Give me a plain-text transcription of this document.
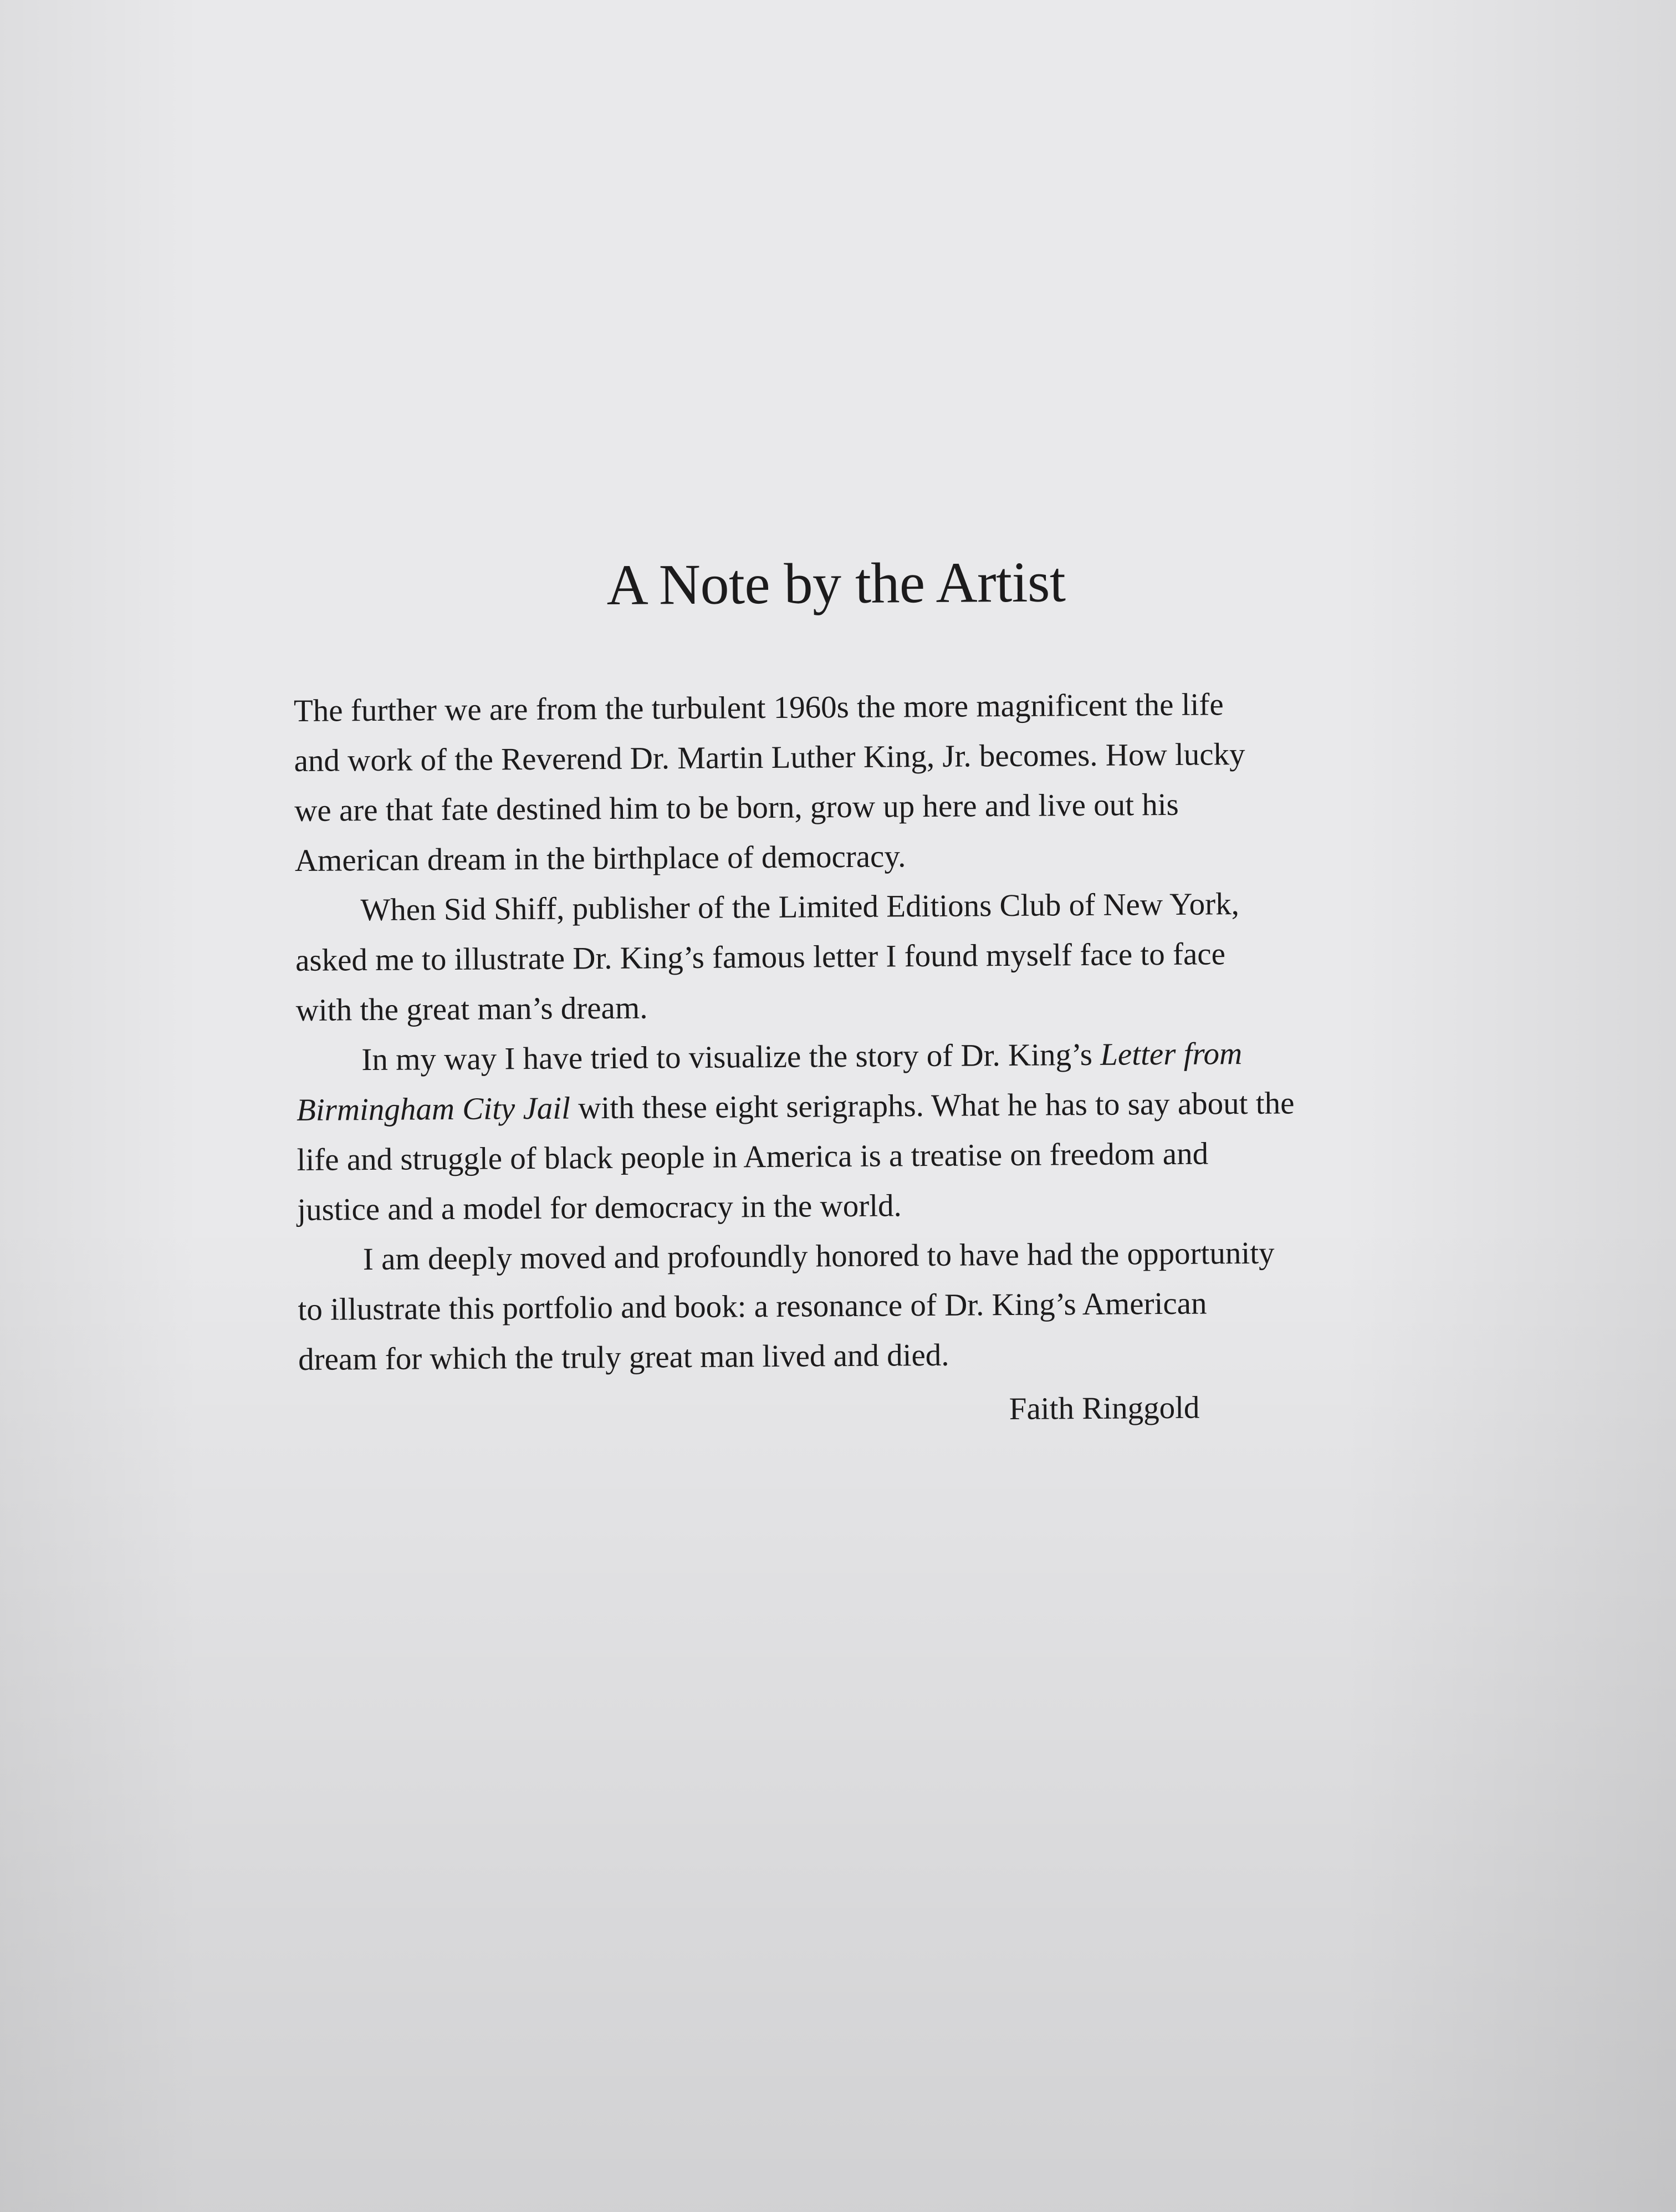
A Note by the Artist

The further we are from the turbulent 1960s the more magnificent the life
and work of the Reverend Dr. Martin Luther King, Jr. becomes. How lucky
we are that fate destined him to be born, grow up here and live out his
American dream in the birthplace of democracy.

When Sid Shiff, publisher of the Limited Editions Club of New York,
asked me to illustrate Dr. King’s famous letter I found myself face to face
with the great man’s dream.

In my way I have tried to visualize the story of Dr. King’s Letter from
Birmingham City Jail with these eight serigraphs. What he has to say about the
life and struggle of black people in America is a treatise on freedom and
justice and a model for democracy in the world.

I am deeply moved and profoundly honored to have had the opportunity
to illustrate this portfolio and book: a resonance of Dr. King’s American
dream for which the truly great man lived and died.

Faith Ringgold
